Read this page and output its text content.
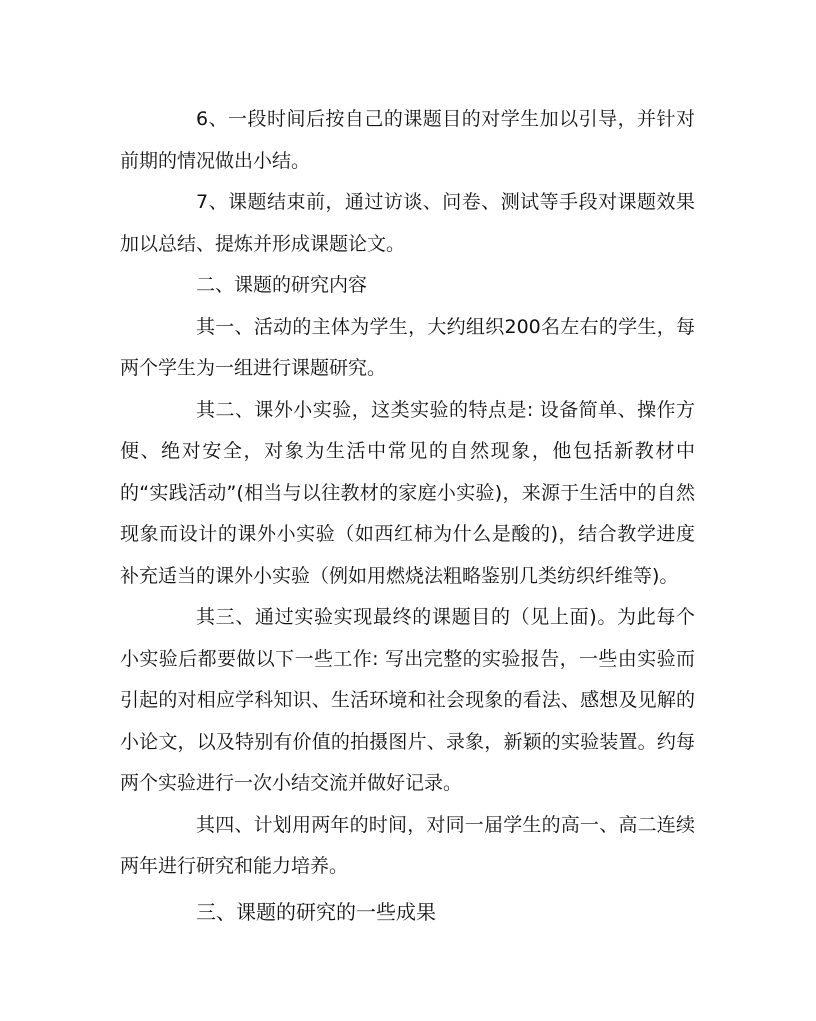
6、一段时间后按自己的课题目的对学生加以引导，并针对前期的情况做出小结。

7、课题结束前，通过访谈、问卷、测试等手段对课题效果加以总结、提炼并形成课题论文。

二、课题的研究内容

其一、活动的主体为学生，大约组织200名左右的学生，每两个学生为一组进行课题研究。

其二、课外小实验，这类实验的特点是: 设备简单、操作方便、绝对安全，对象为生活中常见的自然现象，他包括新教材中的“实践活动”(相当与以往教材的家庭小实验)，来源于生活中的自然现象而设计的课外小实验（如西红柿为什么是酸的)，结合教学进度补充适当的课外小实验（例如用燃烧法粗略鉴别几类纺织纤维等)。

其三、通过实验实现最终的课题目的（见上面)。为此每个小实验后都要做以下一些工作: 写出完整的实验报告，一些由实验而引起的对相应学科知识、生活环境和社会现象的看法、感想及见解的小论文，以及特别有价值的拍摄图片、录象，新颖的实验装置。约每两个实验进行一次小结交流并做好记录。

其四、计划用两年的时间，对同一届学生的高一、高二连续两年进行研究和能力培养。

三、课题的研究的一些成果
